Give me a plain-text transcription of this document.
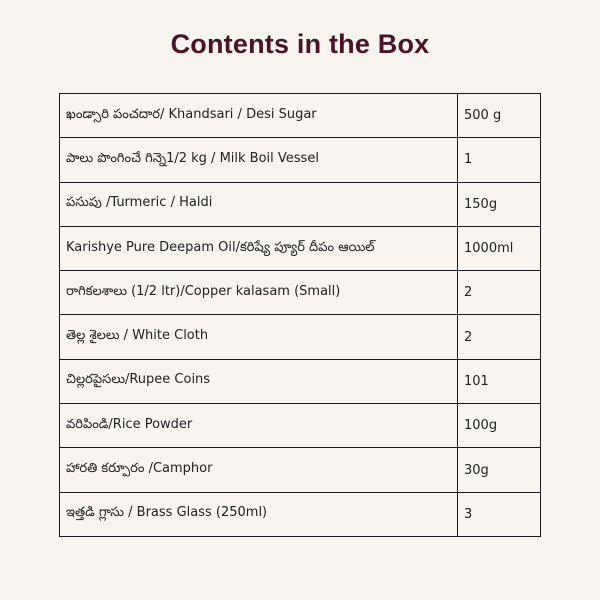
Contents in the Box
ఖండ్సారి పంచదార/ Khandsari / Desi Sugar	500 g
పాలు పొంగించే గిన్నె1/2 kg / Milk Boil Vessel	1
పసుపు /Turmeric / Haldi	150g
Karishye Pure Deepam Oil/కరిష్యే ప్యూర్ దీపం ఆయిల్	1000ml
రాగికలశాలు (1/2 ltr)/Copper kalasam (Small)	2
తెల్ల శైలలు / White Cloth	2
చిల్లరపైసలు/Rupee Coins	101
వరిపిండి/Rice Powder	100g
హారతి కర్పూరం /Camphor	30g
ఇత్తడి గ్లాసు / Brass Glass (250ml)	3
